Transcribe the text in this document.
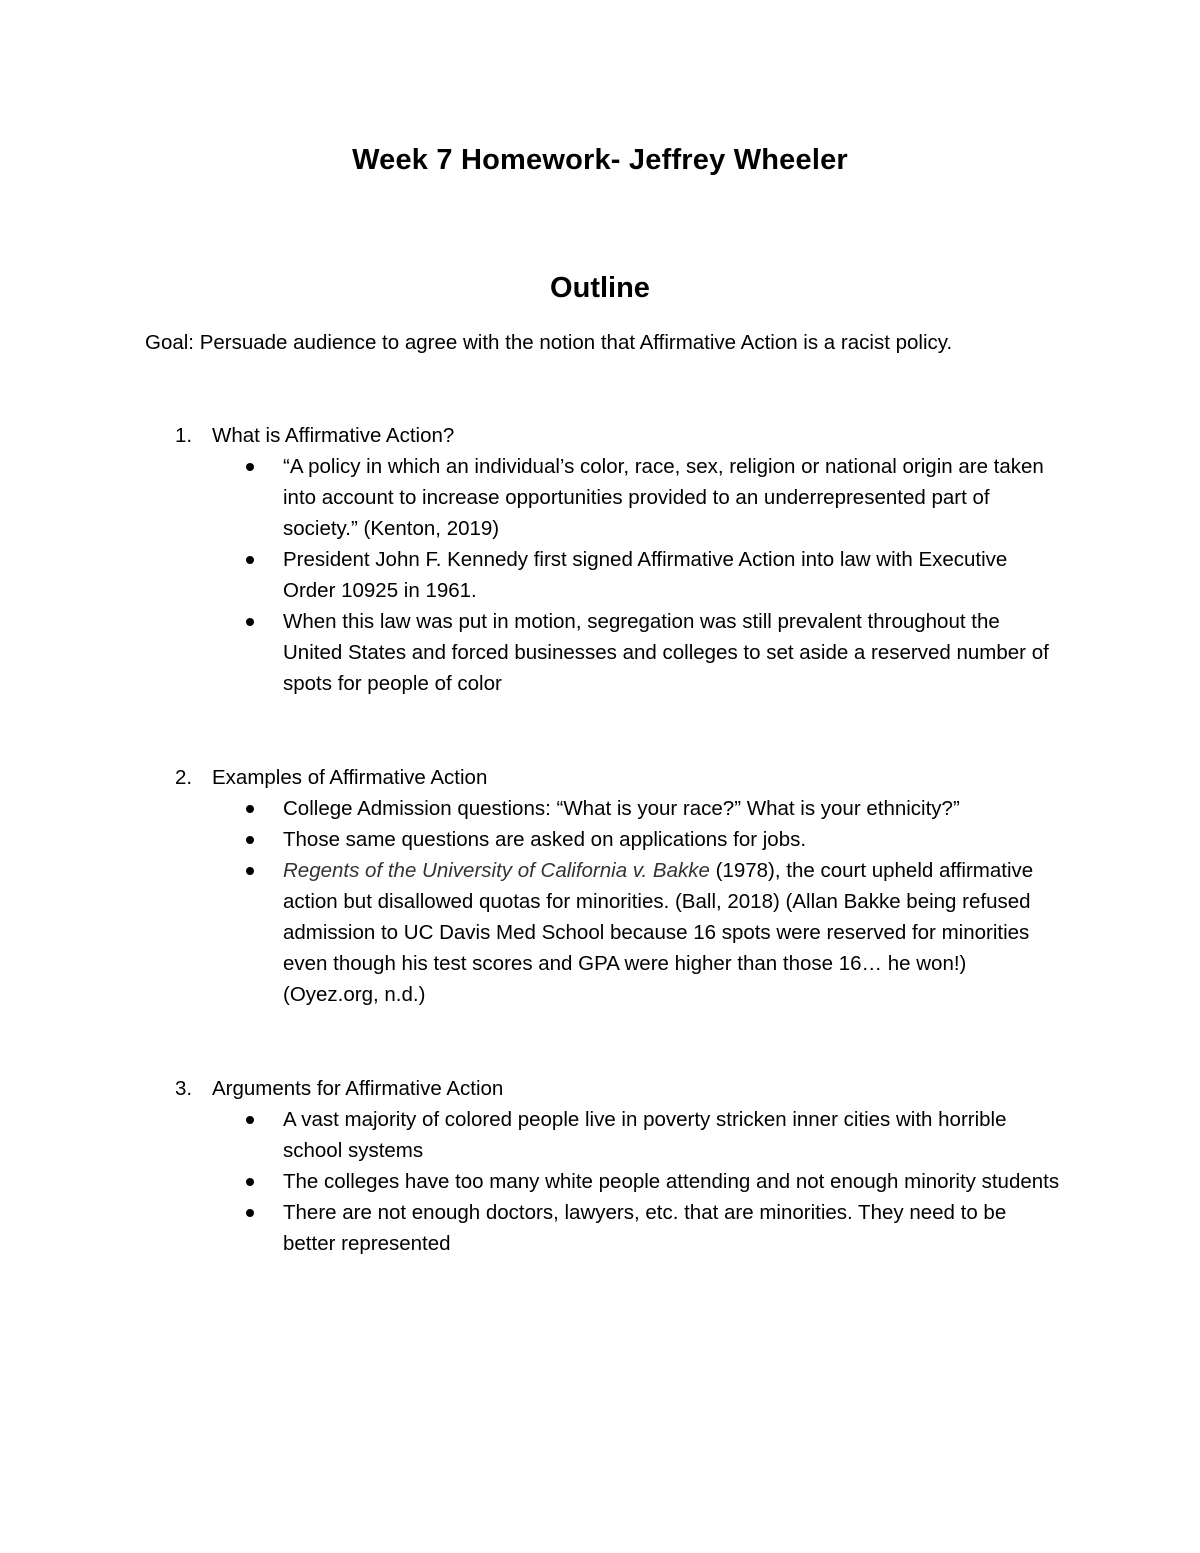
Week 7 Homework- Jeffrey Wheeler
Outline
Goal: Persuade audience to agree with the notion that Affirmative Action is a racist policy.
1. What is Affirmative Action?
“A policy in which an individual’s color, race, sex, religion or national origin are taken into account to increase opportunities provided to an underrepresented part of society.” (Kenton, 2019)
President John F. Kennedy first signed Affirmative Action into law with Executive Order 10925 in 1961.
When this law was put in motion, segregation was still prevalent throughout the United States and forced businesses and colleges to set aside a reserved number of spots for people of color
2. Examples of Affirmative Action
College Admission questions: “What is your race?” What is your ethnicity?”
Those same questions are asked on applications for jobs.
Regents of the University of California v. Bakke (1978), the court upheld affirmative action but disallowed quotas for minorities. (Ball, 2018) (Allan Bakke being refused admission to UC Davis Med School because 16 spots were reserved for minorities even though his test scores and GPA were higher than those 16… he won!) (Oyez.org, n.d.)
3. Arguments for Affirmative Action
A vast majority of colored people live in poverty stricken inner cities with horrible school systems
The colleges have too many white people attending and not enough minority students
There are not enough doctors, lawyers, etc. that are minorities. They need to be better represented
